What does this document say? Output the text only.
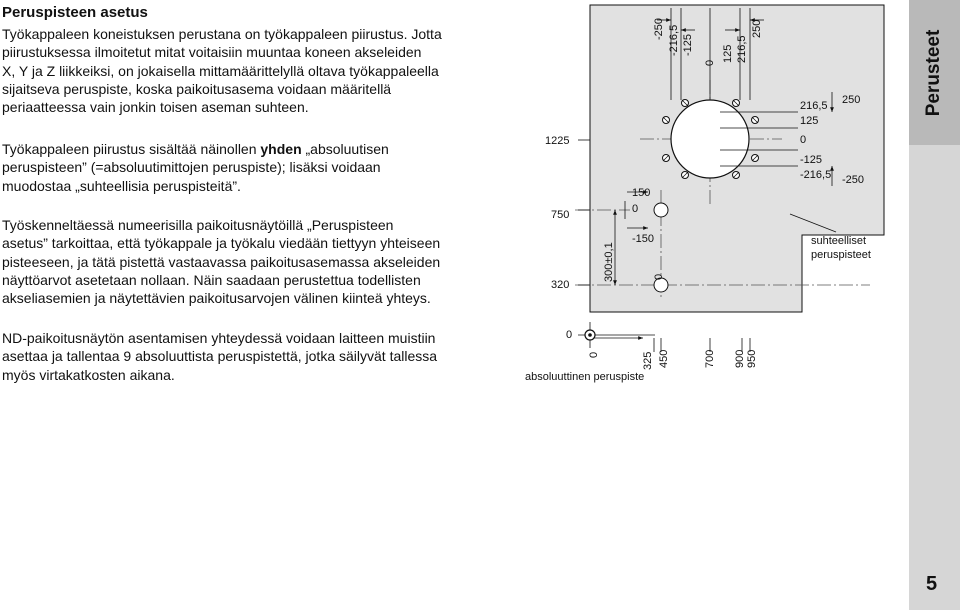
Perusteet
5
Peruspisteen asetus

Työkappaleen koneistuksen perustana on työkappaleen piirustus. Jotta
piirustuksessa ilmoitetut mitat voitaisiin muuntaa koneen akseleiden
X, Y ja Z liikkeiksi, on jokaisella mittamäärittelyllä oltava työkappaleella
sijaitseva peruspiste, koska paikoitusasema voidaan määritellä
periaatteessa vain jonkin toisen aseman suhteen.

Työkappaleen piirustus sisältää näinollen yhden „absoluutisen
peruspisteen” (=absoluutimittojen peruspiste); lisäksi voidaan
muodostaa „suhteellisia peruspisteitä”.

Työskenneltäessä numeerisilla paikoitusnäytöillä „Peruspisteen
asetus” tarkoittaa, että työkappale ja työkalu viedään tiettyyn yhteiseen
pisteeseen, ja tätä pistettä vastaavassa paikoitusasemassa akseleiden
näyttöarvot asetetaan nollaan. Näin saadaan perustettua todellisten
akseliasemien ja näytettävien paikoitusarvojen välinen kiinteä yhteys.

ND-paikoitusnäytön asentamisen yhteydessä voidaan laitteen muistiin
asettaa ja tallentaa 9 absoluuttista peruspistettä, jotka säilyvät tallessa
myös virtakatkosten aikana.

-250 -216,5 -125
0 125 216,5
250
216,5
125
0
-125
-216,5
250
-250
1225
750
320
150
0
-150
300±0,1	0
0
0	325 450	700 900 950
suhteelliset
peruspisteet
absoluuttinen peruspiste
